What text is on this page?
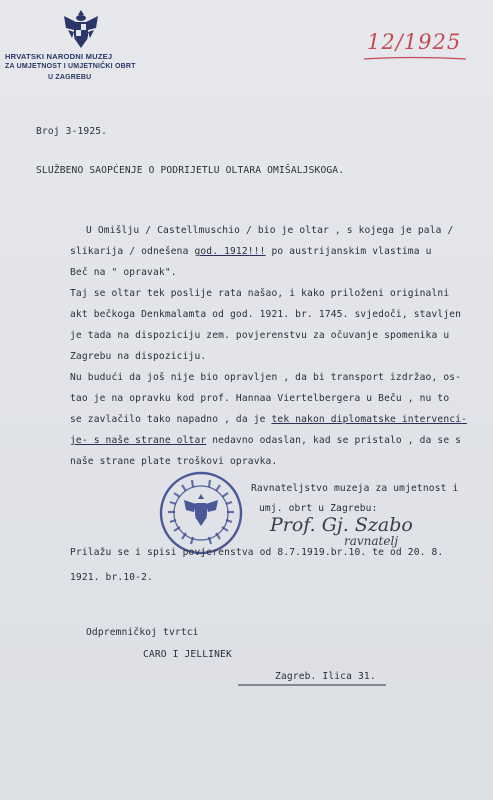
HRVATSKI NARODNI MUZEJ
ZA UMJETNOST I UMJETNIČKI OBRT
U ZAGREBU
12/1925
Broj 3-1925.
SLUŽBENO SAOPĆENJE O PODRIJETLU OLTARA OMIŠALJSKOGA.
U Omišlju / Castellmuschio / bio je oltar , s kojega je pala /
slikarija / odnešena god. 1912!!! po austrijanskim vlastima u
Beč na " opravak".
Taj se oltar tek poslije rata našao, i kako priloženi originalni
akt bečkoga Denkmalamta od god. 1921. br. 1745. svjedoči, stavljen
je tada na dispoziciju zem. povjerenstvu za očuvanje spomenika u
Zagrebu na dispoziciju.
Nu budući da još nije bio opravljen , da bi transport izdržao, os-
tao je na opravku kod prof. Hannaa Viertelbergera u Beču , nu to
se zavlačilo tako napadno , da je tek nakon diplomatske intervenci-
je- s naše strane oltar nedavno odaslan, kad se pristalo , da se s
naše strane plate troškovi opravka.
Ravnateljstvo muzeja za umjetnost i
umj. obrt u Zagrebu:
Prof. Gj. Szabo
ravnatelj
Prilažu se i spisi povjerenstva od 8.7.1919.br.10. te od 20. 8.
1921. br.10-2.
Odpremničkoj tvrtci
CARO I JELLINEK
Zagreb. Ilica 31.
